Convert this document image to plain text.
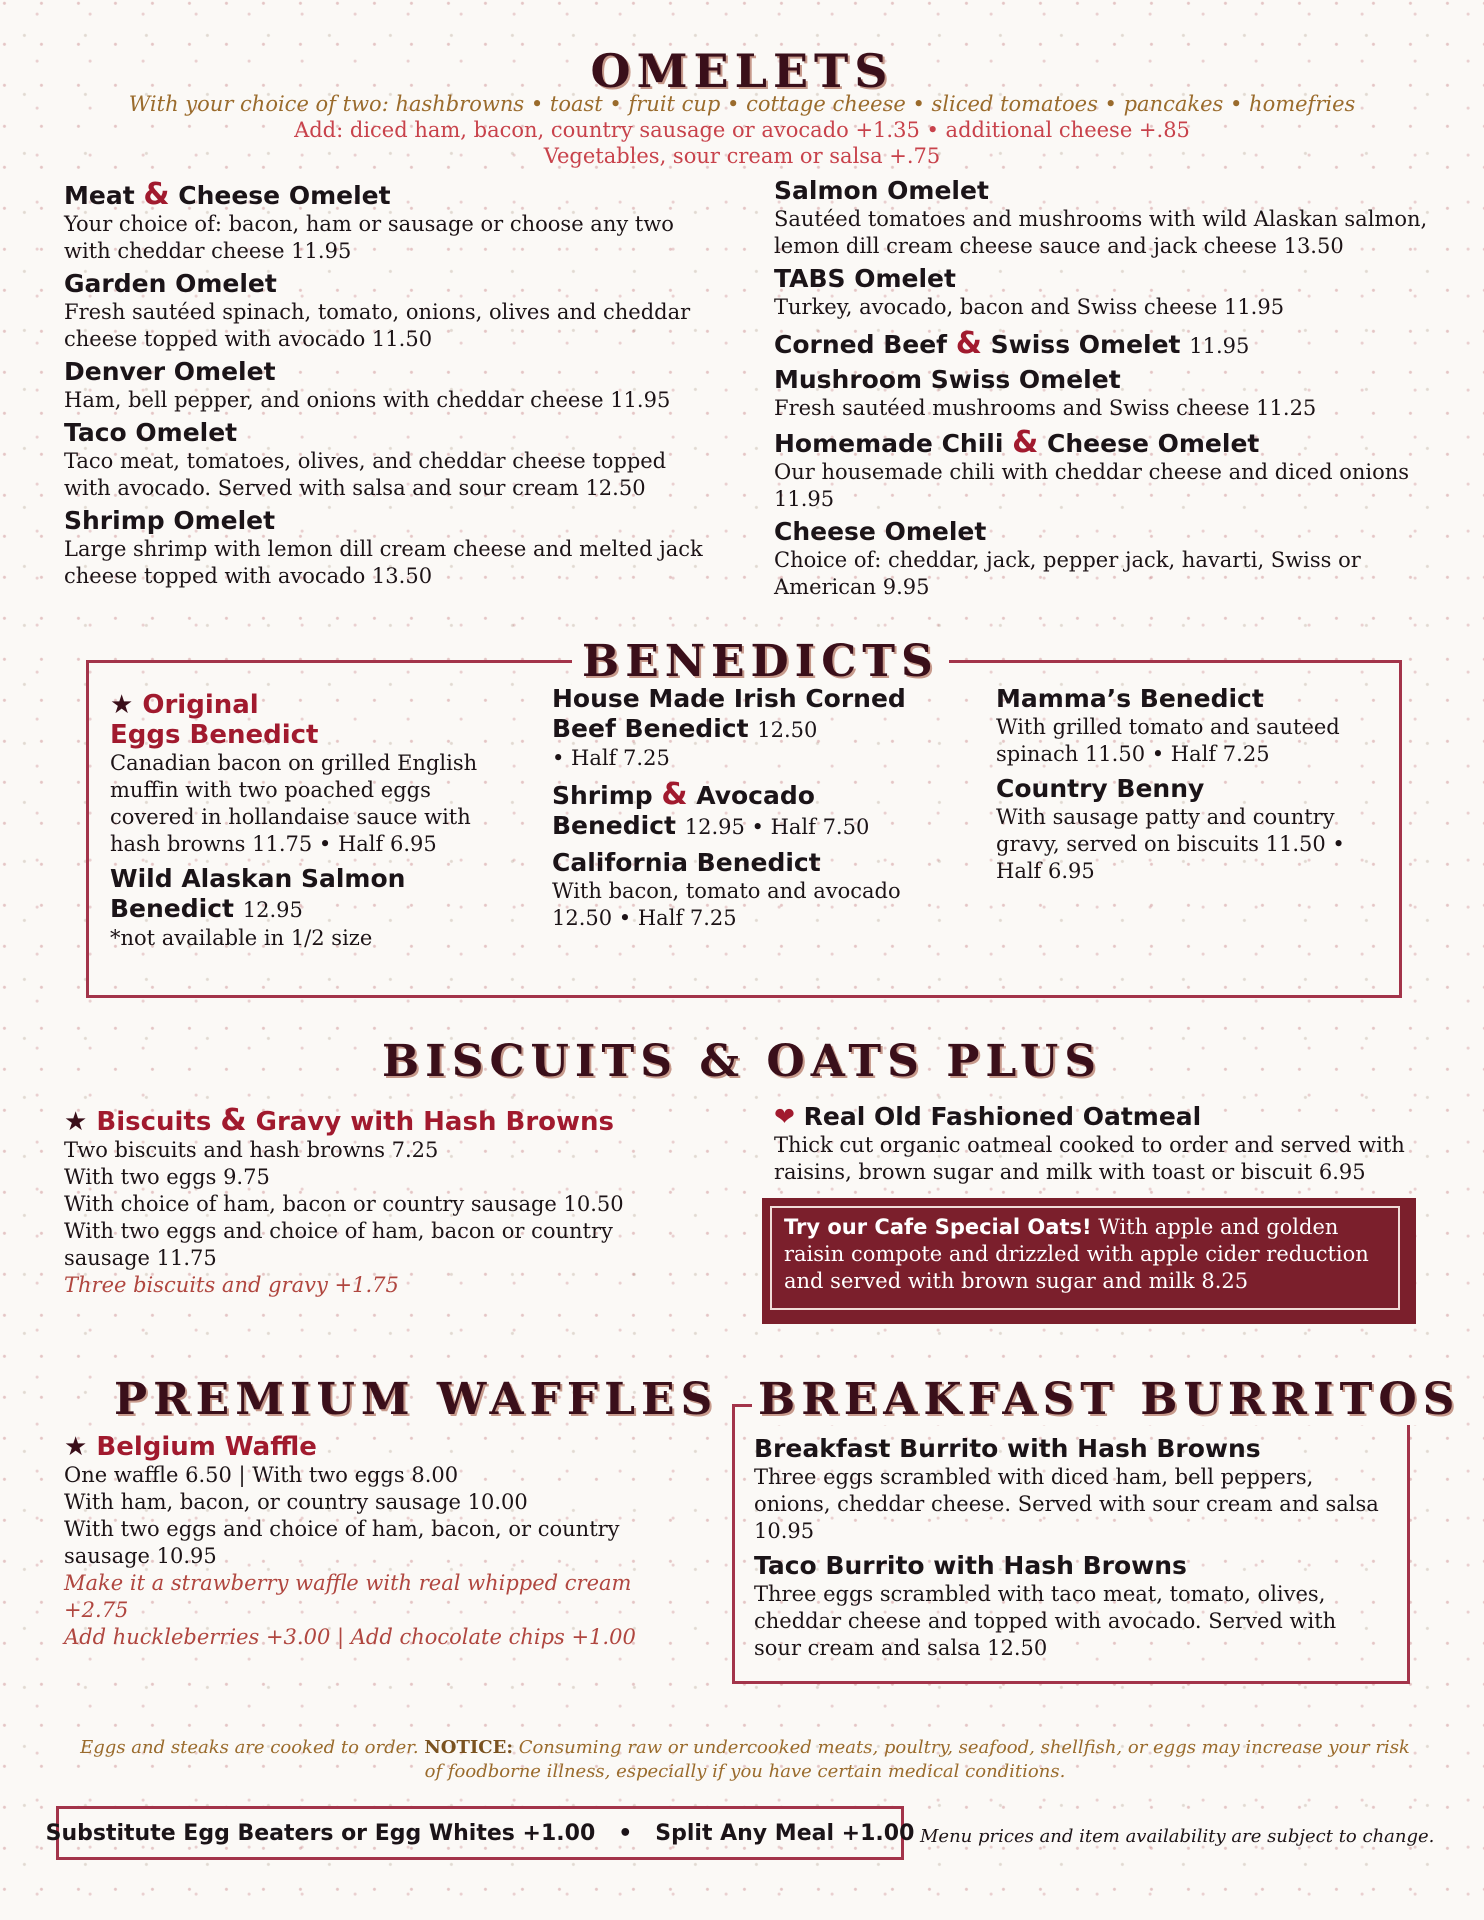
OMELETS
With your choice of two: hashbrowns • toast • fruit cup • cottage cheese • sliced tomatoes • pancakes • homefries
Add: diced ham, bacon, country sausage or avocado +1.35 • additional cheese +.85
Vegetables, sour cream or salsa +.75
Meat & Cheese Omelet
Your choice of: bacon, ham or sausage or choose any two with cheddar cheese 11.95
Garden Omelet
Fresh sautéed spinach, tomato, onions, olives and cheddar cheese topped with avocado 11.50
Denver Omelet
Ham, bell pepper, and onions with cheddar cheese 11.95
Taco Omelet
Taco meat, tomatoes, olives, and cheddar cheese topped with avocado. Served with salsa and sour cream 12.50
Shrimp Omelet
Large shrimp with lemon dill cream cheese and melted jack cheese topped with avocado 13.50
Salmon Omelet
Sautéed tomatoes and mushrooms with wild Alaskan salmon, lemon dill cream cheese sauce and jack cheese 13.50
TABS Omelet
Turkey, avocado, bacon and Swiss cheese 11.95
Corned Beef & Swiss Omelet 11.95
Mushroom Swiss Omelet
Fresh sautéed mushrooms and Swiss cheese 11.25
Homemade Chili & Cheese Omelet
Our housemade chili with cheddar cheese and diced onions 11.95
Cheese Omelet
Choice of: cheddar, jack, pepper jack, havarti, Swiss or American 9.95
BENEDICTS
★ Original
Eggs Benedict
Canadian bacon on grilled English muffin with two poached eggs covered in hollandaise sauce with hash browns 11.75 • Half 6.95
Wild Alaskan Salmon Benedict 12.95
*not available in 1/2 size
House Made Irish Corned Beef Benedict 12.50
• Half 7.25
Shrimp & Avocado Benedict 12.95 • Half 7.50
California Benedict
With bacon, tomato and avocado 12.50 • Half 7.25
Mamma’s Benedict
With grilled tomato and sauteed spinach 11.50 • Half 7.25
Country Benny
With sausage patty and country gravy, served on biscuits 11.50 • Half 6.95
BISCUITS & OATS PLUS
★ Biscuits & Gravy with Hash Browns
Two biscuits and hash browns 7.25
With two eggs 9.75
With choice of ham, bacon or country sausage 10.50
With two eggs and choice of ham, bacon or country sausage 11.75
Three biscuits and gravy +1.75
❤ Real Old Fashioned Oatmeal
Thick cut organic oatmeal cooked to order and served with raisins, brown sugar and milk with toast or biscuit 6.95
Try our Cafe Special Oats! With apple and golden raisin compote and drizzled with apple cider reduction and served with brown sugar and milk 8.25
PREMIUM WAFFLES
★ Belgium Waffle
One waffle 6.50 | With two eggs 8.00
With ham, bacon, or country sausage 10.00
With two eggs and choice of ham, bacon, or country sausage 10.95
Make it a strawberry waffle with real whipped cream +2.75
Add huckleberries +3.00 | Add chocolate chips +1.00
BREAKFAST BURRITOS
Breakfast Burrito with Hash Browns
Three eggs scrambled with diced ham, bell peppers, onions, cheddar cheese. Served with sour cream and salsa 10.95
Taco Burrito with Hash Browns
Three eggs scrambled with taco meat, tomato, olives, cheddar cheese and topped with avocado. Served with sour cream and salsa 12.50
Eggs and steaks are cooked to order. NOTICE: Consuming raw or undercooked meats, poultry, seafood, shellfish, or eggs may increase your risk of foodborne illness, especially if you have certain medical conditions.
Substitute Egg Beaters or Egg Whites +1.00   •   Split Any Meal +1.00 Menu prices and item availability are subject to change.
